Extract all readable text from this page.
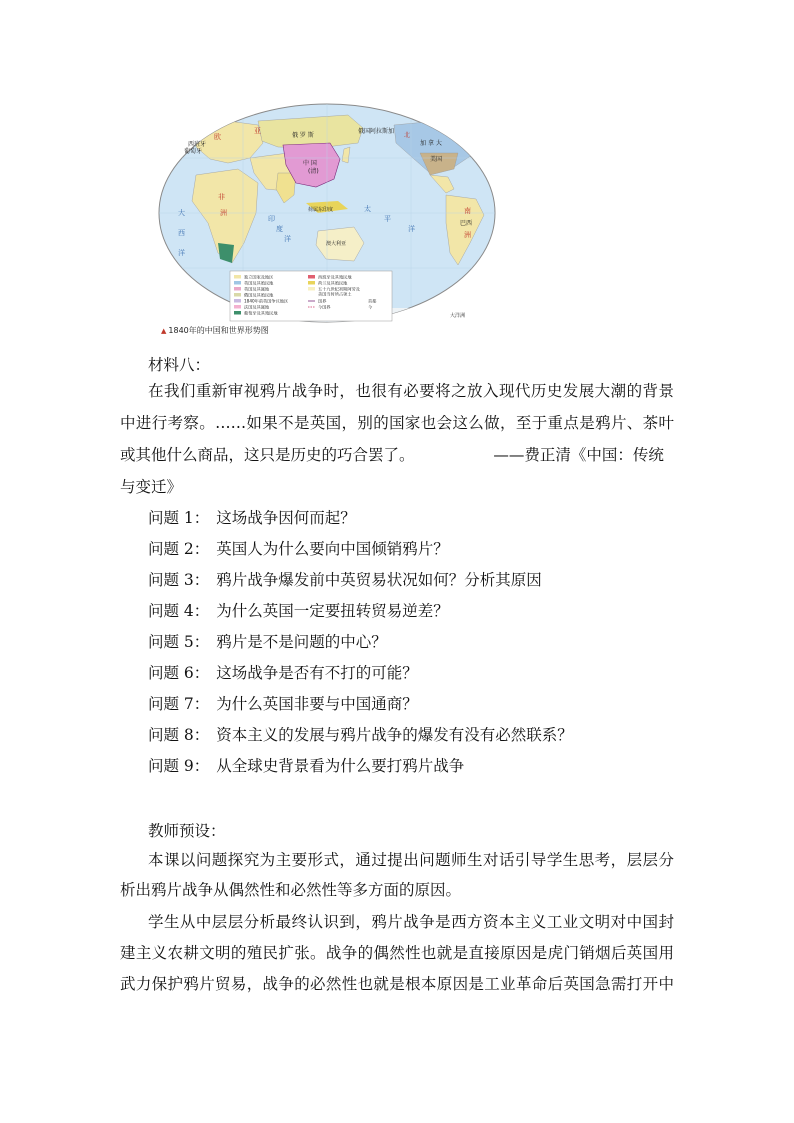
俄 罗 斯
中 国
(清)
俄国阿拉斯加
北
加 拿 大
美国
西班牙
葡萄牙
非
洲
亚
欧
荷属东印度
澳大利亚
印
度
洋
太
平
洋
大
西
洋
南
巴西
洲
独立国家及地区
英国及其殖民地
英国及其属地
俄国及其殖民地
1840年前英国争议地区
法国及其属地
葡萄牙及其殖民地
西班牙及其殖民地
荷兰及其殖民地
五十九世纪初期阿劳及
美国当时所占领土
国界
今国界
首都
今
大洋洲
▲ 1840年的中国和世界形势图
材料八：
在我们重新审视鸦片战争时，也很有必要将之放入现代历史发展大潮的背景
中进行考察。……如果不是英国，别的国家也会这么做，至于重点是鸦片、茶叶
或其他什么商品，这只是历史的巧合罢了。                ——费正清《中国：传统
与变迁》
问题 1： 这场战争因何而起？
问题 2： 英国人为什么要向中国倾销鸦片？
问题 3： 鸦片战争爆发前中英贸易状况如何？分析其原因
问题 4： 为什么英国一定要扭转贸易逆差？
问题 5： 鸦片是不是问题的中心？
问题 6： 这场战争是否有不打的可能？
问题 7： 为什么英国非要与中国通商？
问题 8： 资本主义的发展与鸦片战争的爆发有没有必然联系？
问题 9： 从全球史背景看为什么要打鸦片战争
教师预设：
本课以问题探究为主要形式，通过提出问题师生对话引导学生思考，层层分
析出鸦片战争从偶然性和必然性等多方面的原因。
学生从中层层分析最终认识到，鸦片战争是西方资本主义工业文明对中国封
建主义农耕文明的殖民扩张。战争的偶然性也就是直接原因是虎门销烟后英国用
武力保护鸦片贸易，战争的必然性也就是根本原因是工业革命后英国急需打开中
